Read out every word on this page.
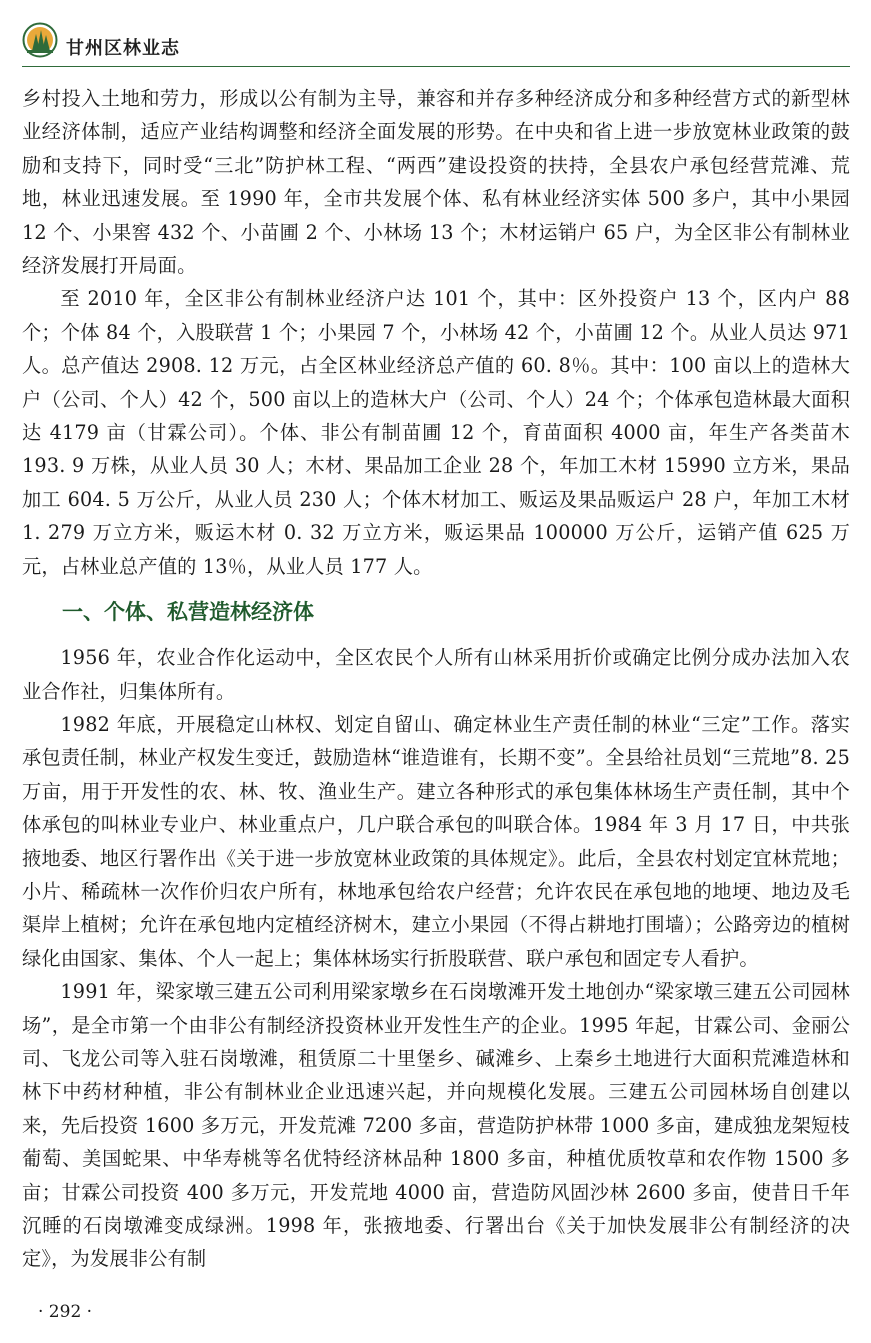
甘州区林业志

乡村投入土地和劳力，形成以公有制为主导，兼容和并存多种经济成分和多种经营方式的新型林业经济体制，适应产业结构调整和经济全面发展的形势。在中央和省上进一步放宽林业政策的鼓励和支持下，同时受“三北”防护林工程、“两西”建设投资的扶持，全县农户承包经营荒滩、荒地，林业迅速发展。至 1990 年，全市共发展个体、私有林业经济实体 500 多户，其中小果园 12 个、小果窖 432 个、小苗圃 2 个、小林场 13 个；木材运销户 65 户，为全区非公有制林业经济发展打开局面。

至 2010 年，全区非公有制林业经济户达 101 个，其中：区外投资户 13 个，区内户 88 个；个体 84 个，入股联营 1 个；小果园 7 个，小林场 42 个，小苗圃 12 个。从业人员达 971 人。总产值达 2908. 12 万元，占全区林业经济总产值的 60. 8％。其中：100 亩以上的造林大户（公司、个人）42 个，500 亩以上的造林大户（公司、个人）24 个；个体承包造林最大面积达 4179 亩（甘霖公司）。个体、非公有制苗圃 12 个，育苗面积 4000 亩，年生产各类苗木 193. 9 万株，从业人员 30 人；木材、果品加工企业 28 个，年加工木材 15990 立方米，果品加工 604. 5 万公斤，从业人员 230 人；个体木材加工、贩运及果品贩运户 28 户，年加工木材 1. 279 万立方米，贩运木材 0. 32 万立方米，贩运果品 100000 万公斤，运销产值 625 万元，占林业总产值的 13％，从业人员 177 人。

一、个体、私营造林经济体

1956 年，农业合作化运动中，全区农民个人所有山林采用折价或确定比例分成办法加入农业合作社，归集体所有。

1982 年底，开展稳定山林权、划定自留山、确定林业生产责任制的林业“三定”工作。落实承包责任制，林业产权发生变迁，鼓励造林“谁造谁有，长期不变”。全县给社员划“三荒地”8. 25 万亩，用于开发性的农、林、牧、渔业生产。建立各种形式的承包集体林场生产责任制，其中个体承包的叫林业专业户、林业重点户，几户联合承包的叫联合体。1984 年 3 月 17 日，中共张掖地委、地区行署作出《关于进一步放宽林业政策的具体规定》。此后，全县农村划定宜林荒地；小片、稀疏林一次作价归农户所有，林地承包给农户经营；允许农民在承包地的地埂、地边及毛渠岸上植树；允许在承包地内定植经济树木，建立小果园（不得占耕地打围墙）；公路旁边的植树绿化由国家、集体、个人一起上；集体林场实行折股联营、联户承包和固定专人看护。

1991 年，梁家墩三建五公司利用梁家墩乡在石岗墩滩开发土地创办“梁家墩三建五公司园林场”，是全市第一个由非公有制经济投资林业开发性生产的企业。1995 年起，甘霖公司、金丽公司、飞龙公司等入驻石岗墩滩，租赁原二十里堡乡、碱滩乡、上秦乡土地进行大面积荒滩造林和林下中药材种植，非公有制林业企业迅速兴起，并向规模化发展。三建五公司园林场自创建以来，先后投资 1600 多万元，开发荒滩 7200 多亩，营造防护林带 1000 多亩，建成独龙架短枝葡萄、美国蛇果、中华寿桃等名优特经济林品种 1800 多亩，种植优质牧草和农作物 1500 多亩；甘霖公司投资 400 多万元，开发荒地 4000 亩，营造防风固沙林 2600 多亩，使昔日千年沉睡的石岗墩滩变成绿洲。1998 年，张掖地委、行署出台《关于加快发展非公有制经济的决定》，为发展非公有制

· 292 ·
